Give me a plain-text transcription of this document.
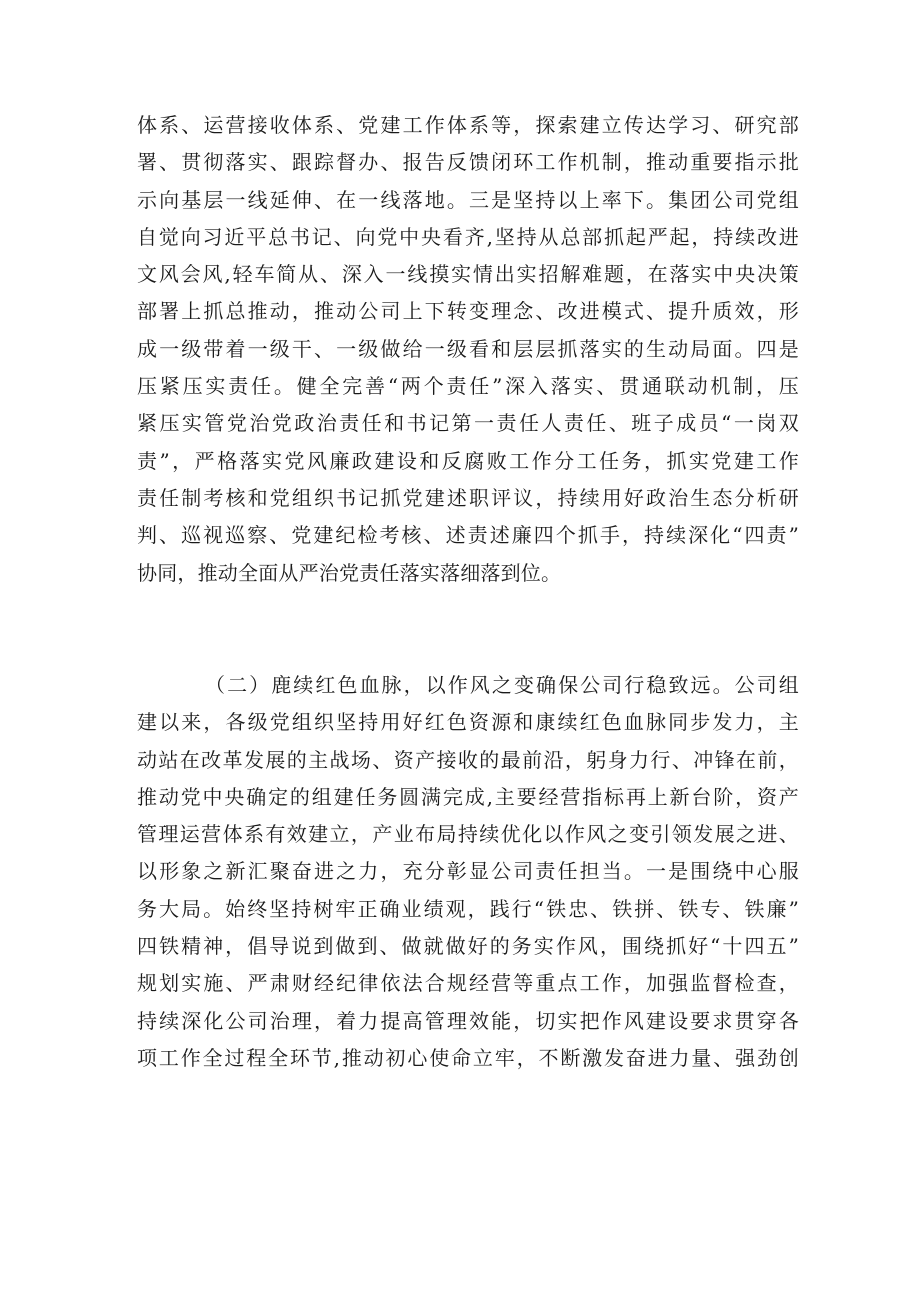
体系、运营接收体系、党建工作体系等，探索建立传达学习、研究部
署、贯彻落实、跟踪督办、报告反馈闭环工作机制，推动重要指示批
示向基层一线延伸、在一线落地。三是坚持以上率下。集团公司党组
自觉向习近平总书记、向党中央看齐,坚持从总部抓起严起，持续改进
文风会风,轻车简从、深入一线摸实情出实招解难题，在落实中央决策
部署上抓总推动，推动公司上下转变理念、改进模式、提升质效，形
成一级带着一级干、一级做给一级看和层层抓落实的生动局面。四是
压紧压实责任。健全完善“两个责任”深入落实、贯通联动机制，压
紧压实管党治党政治责任和书记第一责任人责任、班子成员“一岗双
责”，严格落实党风廉政建设和反腐败工作分工任务，抓实党建工作
责任制考核和党组织书记抓党建述职评议，持续用好政治生态分析研
判、巡视巡察、党建纪检考核、述责述廉四个抓手，持续深化“四责”
协同，推动全面从严治党责任落实落细落到位。
（二）鹿续红色血脉，以作风之变确保公司行稳致远。公司组
建以来，各级党组织坚持用好红色资源和康续红色血脉同步发力，主
动站在改革发展的主战场、资产接收的最前沿，躬身力行、冲锋在前，
推动党中央确定的组建任务圆满完成,主要经营指标再上新台阶，资产
管理运营体系有效建立，产业布局持续优化以作风之变引领发展之进、
以形象之新汇聚奋进之力，充分彰显公司责任担当。一是围绕中心服
务大局。始终坚持树牢正确业绩观，践行“铁忠、铁拼、铁专、铁廉”
四铁精神，倡导说到做到、做就做好的务实作风，围绕抓好“十四五”
规划实施、严肃财经纪律依法合规经营等重点工作，加强监督检查，
持续深化公司治理，着力提高管理效能，切实把作风建设要求贯穿各
项工作全过程全环节,推动初心使命立牢，不断激发奋进力量、强劲创
